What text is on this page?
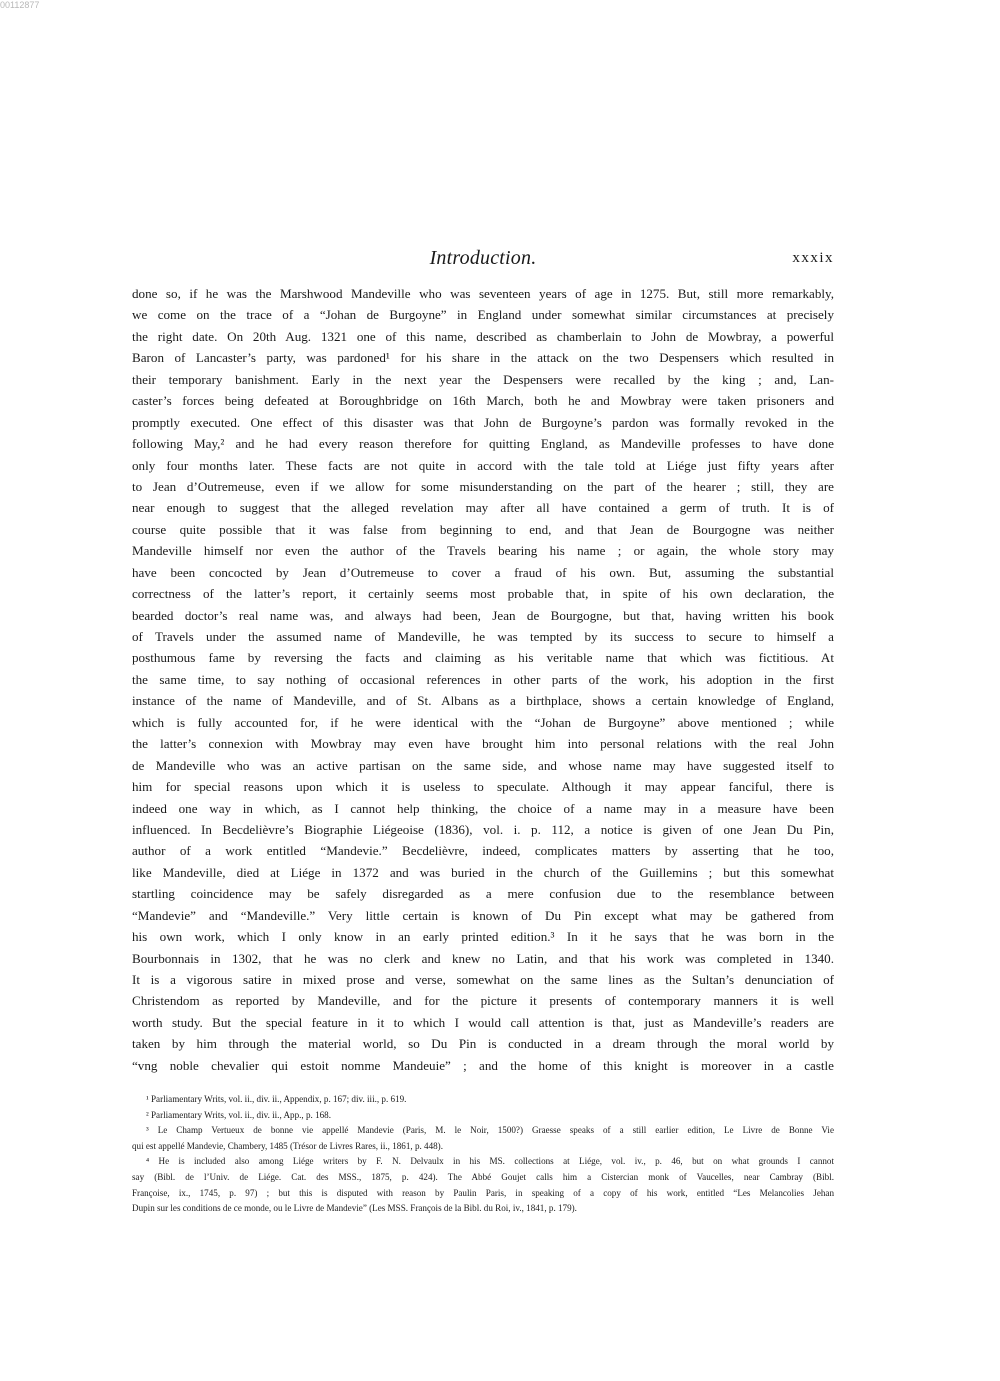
00112877
Introduction.	xxxix
done so, if he was the Marshwood Mandeville who was seventeen years of age in 1275. But, still more remarkably,
we come on the trace of a “Johan de Burgoyne” in England under somewhat similar circumstances at precisely
the right date. On 20th Aug. 1321 one of this name, described as chamberlain to John de Mowbray, a powerful
Baron of Lancaster’s party, was pardoned¹ for his share in the attack on the two Despensers which resulted in
their temporary banishment. Early in the next year the Despensers were recalled by the king ; and, Lan-
caster’s forces being defeated at Boroughbridge on 16th March, both he and Mowbray were taken prisoners and
promptly executed. One effect of this disaster was that John de Burgoyne’s pardon was formally revoked in the
following May,² and he had every reason therefore for quitting England, as Mandeville professes to have done
only four months later. These facts are not quite in accord with the tale told at Liége just fifty years after
to Jean d’Outremeuse, even if we allow for some misunderstanding on the part of the hearer ; still, they are
near enough to suggest that the alleged revelation may after all have contained a germ of truth. It is of
course quite possible that it was false from beginning to end, and that Jean de Bourgogne was neither
Mandeville himself nor even the author of the Travels bearing his name ; or again, the whole story may
have been concocted by Jean d’Outremeuse to cover a fraud of his own. But, assuming the substantial
correctness of the latter’s report, it certainly seems most probable that, in spite of his own declaration, the
bearded doctor’s real name was, and always had been, Jean de Bourgogne, but that, having written his book
of Travels under the assumed name of Mandeville, he was tempted by its success to secure to himself a
posthumous fame by reversing the facts and claiming as his veritable name that which was fictitious. At
the same time, to say nothing of occasional references in other parts of the work, his adoption in the first
instance of the name of Mandeville, and of St. Albans as a birthplace, shows a certain knowledge of England,
which is fully accounted for, if he were identical with the “Johan de Burgoyne” above mentioned ; while
the latter’s connexion with Mowbray may even have brought him into personal relations with the real John
de Mandeville who was an active partisan on the same side, and whose name may have suggested itself to
him for special reasons upon which it is useless to speculate. Although it may appear fanciful, there is
indeed one way in which, as I cannot help thinking, the choice of a name may in a measure have been
influenced. In Becdelièvre’s Biographie Liégeoise (1836), vol. i. p. 112, a notice is given of one Jean Du Pin,
author of a work entitled “Mandevie.” Becdelièvre, indeed, complicates matters by asserting that he too,
like Mandeville, died at Liége in 1372 and was buried in the church of the Guillemins ; but this somewhat
startling coincidence may be safely disregarded as a mere confusion due to the resemblance between
“Mandevie” and “Mandeville.” Very little certain is known of Du Pin except what may be gathered from
his own work, which I only know in an early printed edition.³ In it he says that he was born in the
Bourbonnais in 1302, that he was no clerk and knew no Latin, and that his work was completed in 1340.
It is a vigorous satire in mixed prose and verse, somewhat on the same lines as the Sultan’s denunciation of
Christendom as reported by Mandeville, and for the picture it presents of contemporary manners it is well
worth study. But the special feature in it to which I would call attention is that, just as Mandeville’s readers are
taken by him through the material world, so Du Pin is conducted in a dream through the moral world by
“vng noble chevalier qui estoit nomme Mandeuie” ; and the home of this knight is moreover in a castle
¹ Parliamentary Writs, vol. ii., div. ii., Appendix, p. 167; div. iii., p. 619.
² Parliamentary Writs, vol. ii., div. ii., App., p. 168.
³ Le Champ Vertueux de bonne vie appellé Mandevie (Paris, M. le Noir, 1500?) Graesse speaks of a still earlier edition, Le Livre de Bonne Vie
qui est appellé Mandevie, Chambery, 1485 (Trésor de Livres Rares, ii., 1861, p. 448).
⁴ He is included also among Liége writers by F. N. Delvaulx in his MS. collections at Liége, vol. iv., p. 46, but on what grounds I cannot
say (Bibl. de l’Univ. de Liége. Cat. des MSS., 1875, p. 424). The Abbé Goujet calls him a Cistercian monk of Vaucelles, near Cambray (Bibl.
Françoise, ix., 1745, p. 97) ; but this is disputed with reason by Paulin Paris, in speaking of a copy of his work, entitled “Les Melancolies Jehan
Dupin sur les conditions de ce monde, ou le Livre de Mandevie” (Les MSS. François de la Bibl. du Roi, iv., 1841, p. 179).
